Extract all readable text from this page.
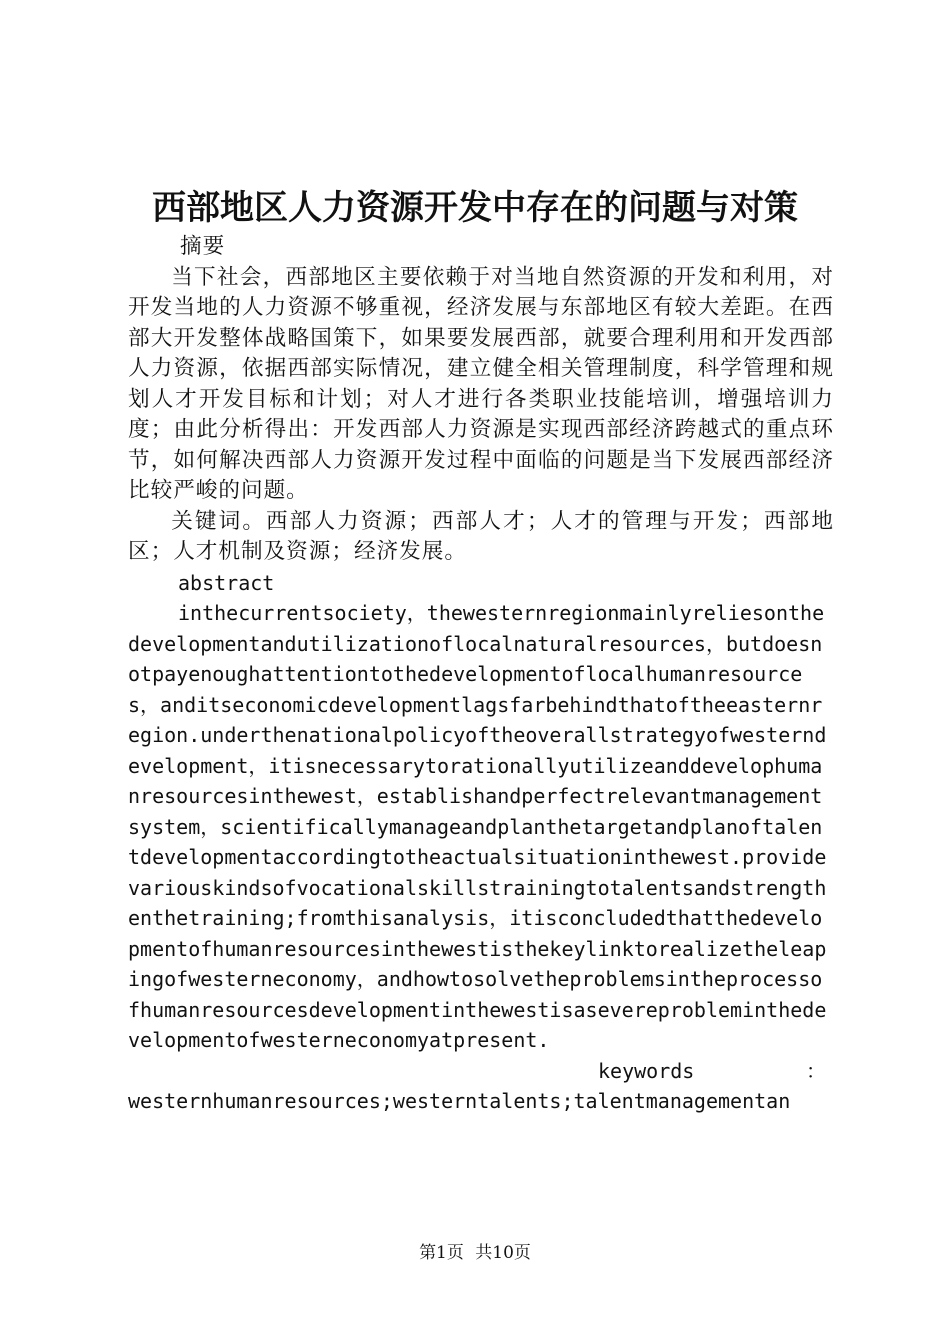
西部地区人力资源开发中存在的问题与对策

摘要

当下社会，西部地区主要依赖于对当地自然资源的开发和利用，对开发当地的人力资源不够重视，经济发展与东部地区有较大差距。在西部大开发整体战略国策下，如果要发展西部，就要合理利用和开发西部人力资源，依据西部实际情况，建立健全相关管理制度，科学管理和规划人才开发目标和计划；对人才进行各类职业技能培训，增强培训力度；由此分析得出：开发西部人力资源是实现西部经济跨越式的重点环节，如何解决西部人力资源开发过程中面临的问题是当下发展西部经济比较严峻的问题。

关键词。西部人力资源；西部人才；人才的管理与开发；西部地区；人才机制及资源；经济发展。

abstract

inthecurrentsociety，thewesternregionmainlyreliesonthedevelopmentandutilizationoflocalnaturalresources，butdoesnotpayenoughattentiontothedevelopmentoflocalhumanresources，anditseconomicdevelopmentlagsfarbehindthatoftheeasternregion.underthenationalpolicyoftheoverallstrategyofwesterndevelopment，itisnecessarytorationallyutilizeanddevelophumanresourcesinthewest，establishandperfectrelevantmanagementsystem，scientificallymanageandplanthetargetandplanoftalentdevelopmentaccordingtotheactualsituationinthewest.providevariouskindsofvocationalskillstrainingtotalentsandstrengthenthetraining;fromthisanalysis，itisconcludedthatthedevelopmentofhumanresourcesinthewestisthekeylinktorealizetheleapingofwesterneconomy，andhowtosolvetheproblemsintheprocessofhumanresourcesdevelopmentinthewestisasevereprobleminthedevelopmentofwesterneconomyatpresent.

keywords	：

westernhumanresources;westerntalents;talentmanagementan

第1页 共10页
